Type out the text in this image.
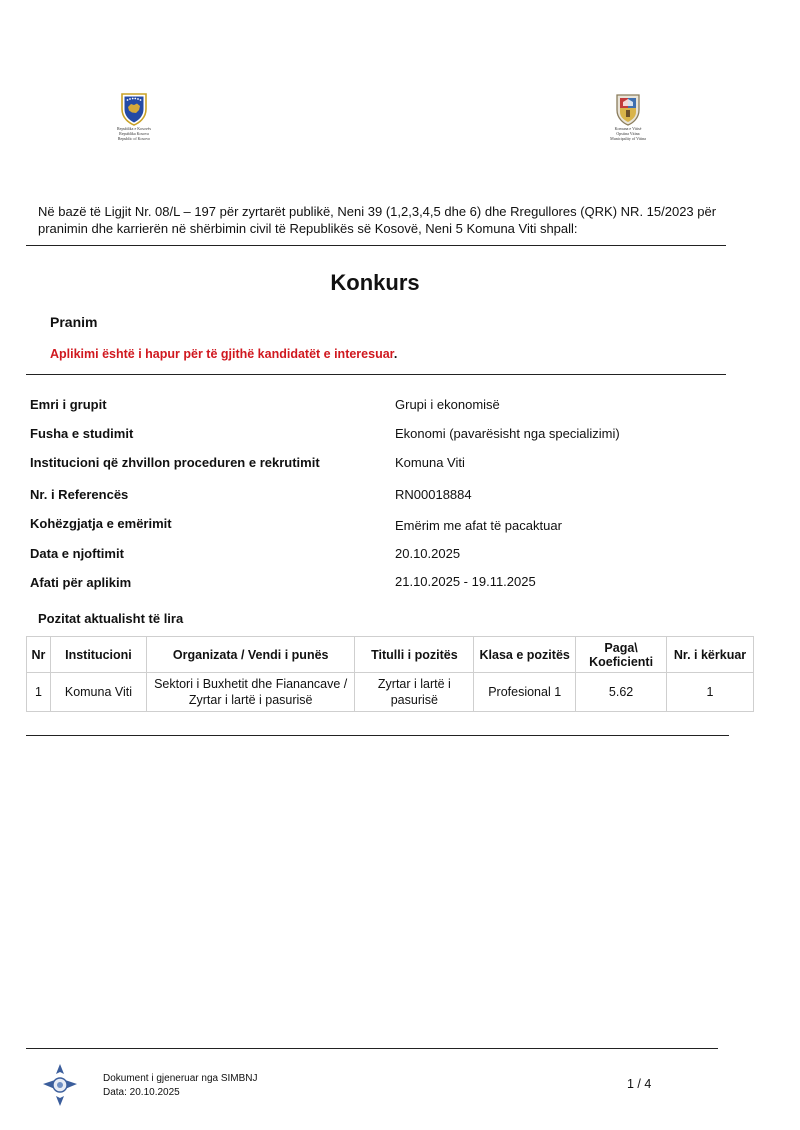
Republika e Kosovës
Republika Kosova
Republic of Kosovo
Komuna e Vitisë
Opstina Vitina
Municipality of Vitina
Në bazë të Ligjit Nr. 08/L – 197 për zyrtarët publikë, Neni 39 (1,2,3,4,5 dhe 6) dhe Rregullores (QRK) NR. 15/2023 për pranimin dhe karrierën në shërbimin civil të Republikës së Kosovë, Neni 5 Komuna Viti shpall:
Konkurs
Pranim
Aplikimi është i hapur për të gjithë kandidatët e interesuar.
Emri i grupit	Grupi i ekonomisë
Fusha e studimit	Ekonomi (pavarësisht nga specializimi)
Institucioni që zhvillon proceduren e rekrutimit	Komuna Viti
Nr. i Referencës	RN00018884
Kohëzgjatja e emërimit	Emërim me afat të pacaktuar
Data e njoftimit	20.10.2025
Afati për aplikim	21.10.2025 - 19.11.2025
Pozitat aktualisht të lira
Nr	Institucioni	Organizata / Vendi i punës	Titulli i pozitës	Klasa e pozitës	Paga\ Koeficienti	Nr. i kërkuar
1	Komuna Viti	Sektori i Buxhetit dhe Fianancave / Zyrtar i lartë i pasurisë	Zyrtar i lartë i pasurisë	Profesional 1	5.62	1
Dokument i gjeneruar nga SIMBNJ
Data: 20.10.2025
1 / 4
